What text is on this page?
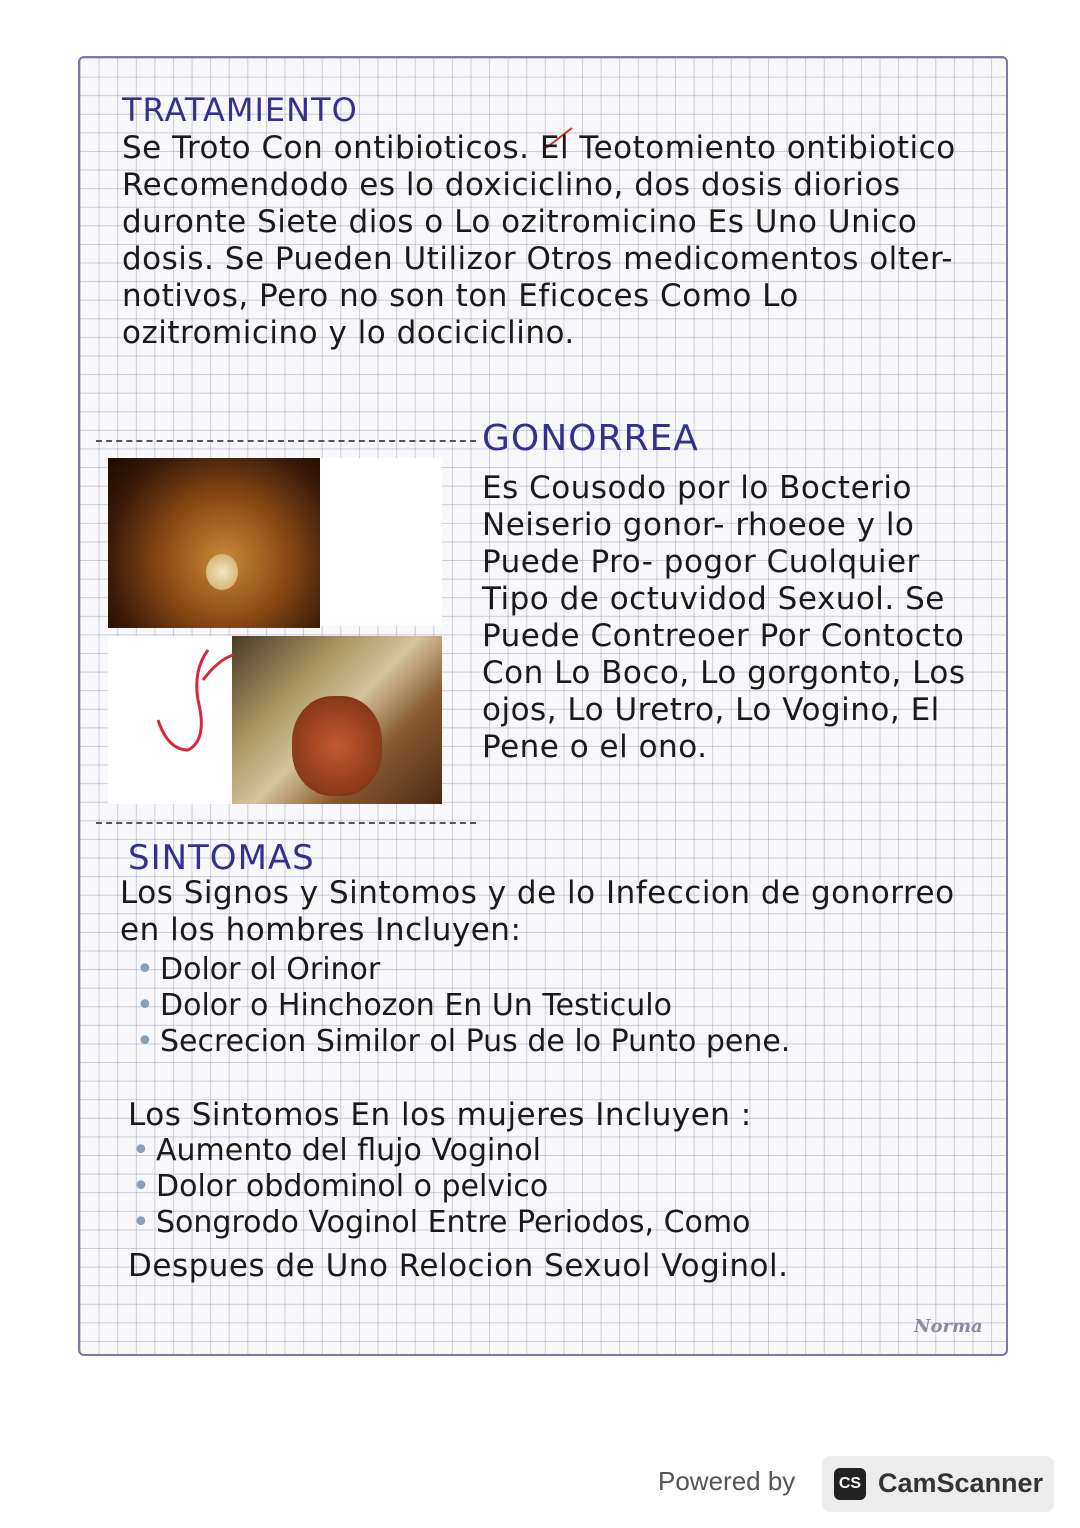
TRATAMIENTO
Se Troto Con ontibioticos. El Teotomiento ontibiotico Recomendodo es lo doxiciclino, dos dosis diorios duronte Siete dios o Lo ozitromicino Es Uno Unico dosis. Se Pueden Utilizor Otros medicomentos olter- notivos, Pero no son ton Eficoces Como Lo ozitromicino y lo dociciclino.
GONORREA
Es Cousodo por lo Bocterio Neiserio gonor- rhoeoe y lo Puede Pro- pogor Cuolquier Tipo de octuvidod Sexuol. Se Puede Contreoer Por Contocto Con Lo Boco, Lo gorgonto, Los ojos, Lo Uretro, Lo Vogino, El Pene o el ono.
SINTOMAS
Los Signos y Sintomos y de lo Infeccion de gonorreo en los hombres Incluyen:
• Dolor ol Orinor
• Dolor o Hinchozon En Un Testiculo
• Secrecion Similor ol Pus de lo Punto pene.
Los Sintomos En los mujeres Incluyen :
• Aumento del flujo Voginol
• Dolor obdominol o pelvico
• Songrodo Voginol Entre Periodos, Como
Despues de Uno Relocion Sexuol Voginol.
Norma
Powered by	CS CamScanner
